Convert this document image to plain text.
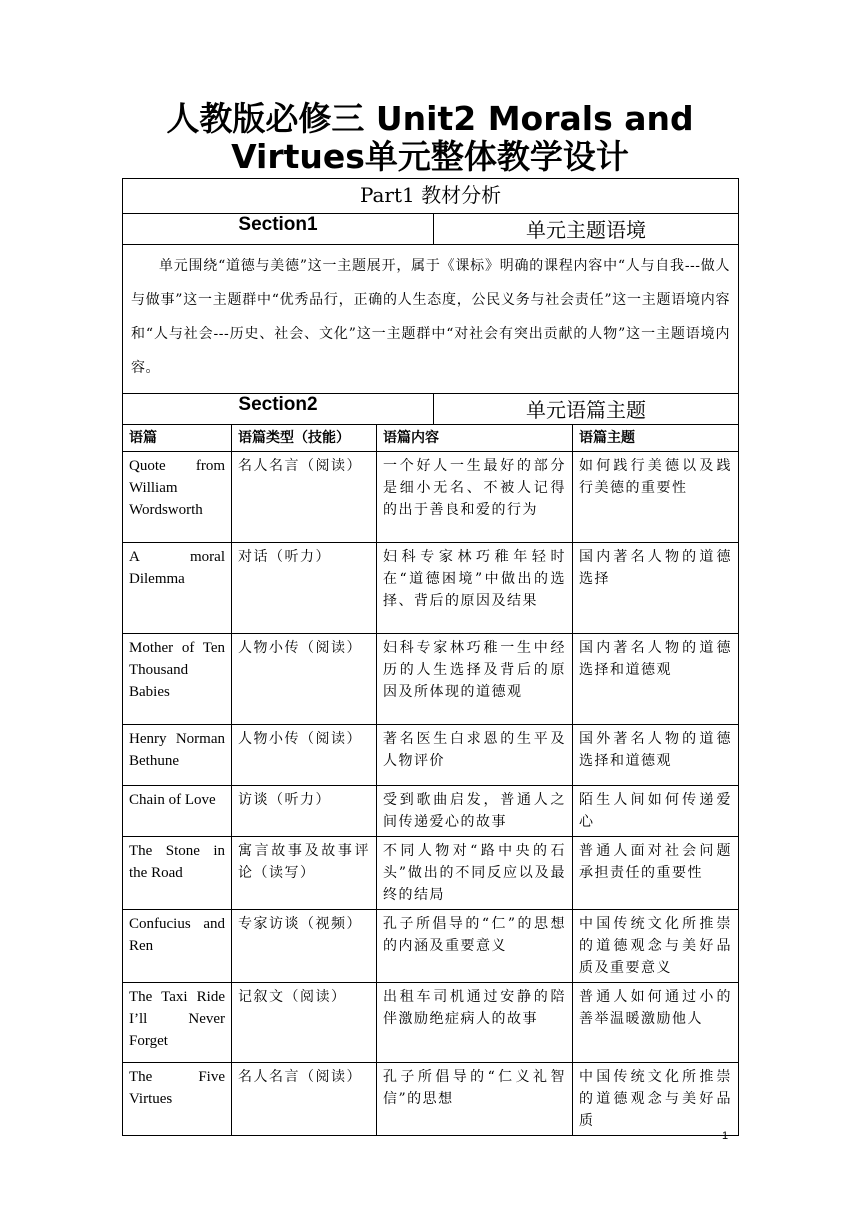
人教版必修三 Unit2 Morals and Virtues单元整体教学设计
Part1 教材分析				
Section1			单元主题语境	

单元围绕“道德与美德”这一主题展开，属于《课标》明确的课程内容中“人与自我---做人与做事”这一主题群中“优秀品行，正确的人生态度，公民义务与社会责任”这一主题语境内容和“人与社会---历史、社会、文化”这一主题群中“对社会有突出贡献的人物”这一主题语境内容。				

Section2			单元语篇主题	
语篇	语篇类型（技能）	语篇内容		语篇主题
Quote from William Wordsworth	名人名言（阅读）	一个好人一生最好的部分是细小无名、不被人记得的出于善良和爱的行为		如何践行美德以及践行美德的重要性
A moral Dilemma	对话（听力）	妇科专家林巧稚年轻时在“道德困境”中做出的选择、背后的原因及结果		国内著名人物的道德选择
Mother of Ten Thousand Babies	人物小传（阅读）	妇科专家林巧稚一生中经历的人生选择及背后的原因及所体现的道德观		国内著名人物的道德选择和道德观
Henry Norman Bethune	人物小传（阅读）	著名医生白求恩的生平及人物评价		国外著名人物的道德选择和道德观
Chain of Love	访谈（听力）	受到歌曲启发，普通人之间传递爱心的故事		陌生人间如何传递爱心
The Stone in the Road	寓言故事及故事评论（读写）	不同人物对“路中央的石头”做出的不同反应以及最终的结局		普通人面对社会问题承担责任的重要性
Confucius and Ren	专家访谈（视频）	孔子所倡导的“仁”的思想的内涵及重要意义		中国传统文化所推崇的道德观念与美好品质及重要意义
The Taxi Ride I’ll Never Forget	记叙文（阅读）	出租车司机通过安静的陪伴激励绝症病人的故事		普通人如何通过小的善举温暖激励他人
The Five Virtues	名人名言（阅读）	孔子所倡导的“仁义礼智信”的思想		中国传统文化所推崇的道德观念与美好品质
1
